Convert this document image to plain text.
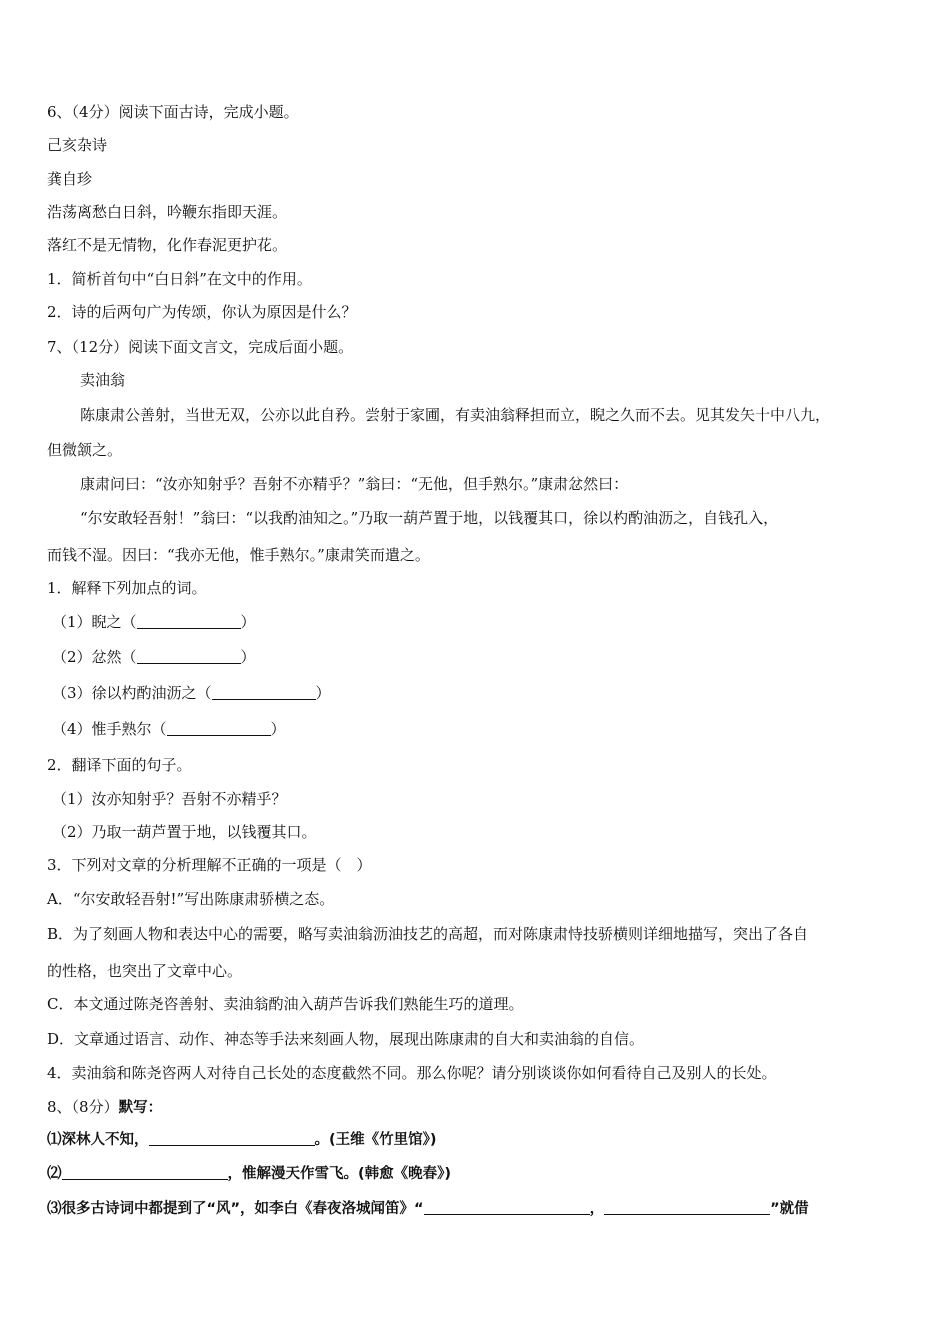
6、（4分）阅读下面古诗，完成小题。
己亥杂诗
龚自珍
浩荡离愁白日斜，吟鞭东指即天涯。
落红不是无情物，化作春泥更护花。
1．简析首句中“白日斜”在文中的作用。
2．诗的后两句广为传颂，你认为原因是什么？
7、（12分）阅读下面文言文，完成后面小题。
卖油翁
陈康肃公善射，当世无双，公亦以此自矜。尝射于家圃，有卖油翁释担而立，睨之久而不去。见其发矢十中八九，
但微颔之。
康肃问曰：“汝亦知射乎？吾射不亦精乎？”翁曰：“无他，但手熟尔。”康肃忿然曰：
“尔安敢轻吾射！”翁曰：“以我酌油知之。”乃取一葫芦置于地，以钱覆其口，徐以杓酌油沥之，自钱孔入，
而钱不湿。因曰：“我亦无他，惟手熟尔。”康肃笑而遣之。
1．解释下列加点的词。
（1）睨之（	）
（2）忿然（	）
（3）徐以杓酌油沥之（	）
（4）惟手熟尔（	）
2．翻译下面的句子。
（1）汝亦知射乎？吾射不亦精乎？
（2）乃取一葫芦置于地，以钱覆其口。
3．下列对文章的分析理解不正确的一项是（　）
A．“尔安敢轻吾射!”写出陈康肃骄横之态。
B．为了刻画人物和表达中心的需要，略写卖油翁沥油技艺的高超，而对陈康肃恃技骄横则详细地描写，突出了各自
的性格，也突出了文章中心。
C．本文通过陈尧咨善射、卖油翁酌油入葫芦告诉我们熟能生巧的道理。
D．文章通过语言、动作、神态等手法来刻画人物，展现出陈康肃的自大和卖油翁的自信。
4．卖油翁和陈尧咨两人对待自己长处的态度截然不同。那么你呢？请分别谈谈你如何看待自己及别人的长处。
8、（8分）默写：
⑴深林人不知，	。(王维《竹里馆》)
⑵	，惟解漫天作雪飞。(韩愈《晚春》)
⑶很多古诗词中都提到了“风”，如李白《春夜洛城闻笛》“	，	”就借
